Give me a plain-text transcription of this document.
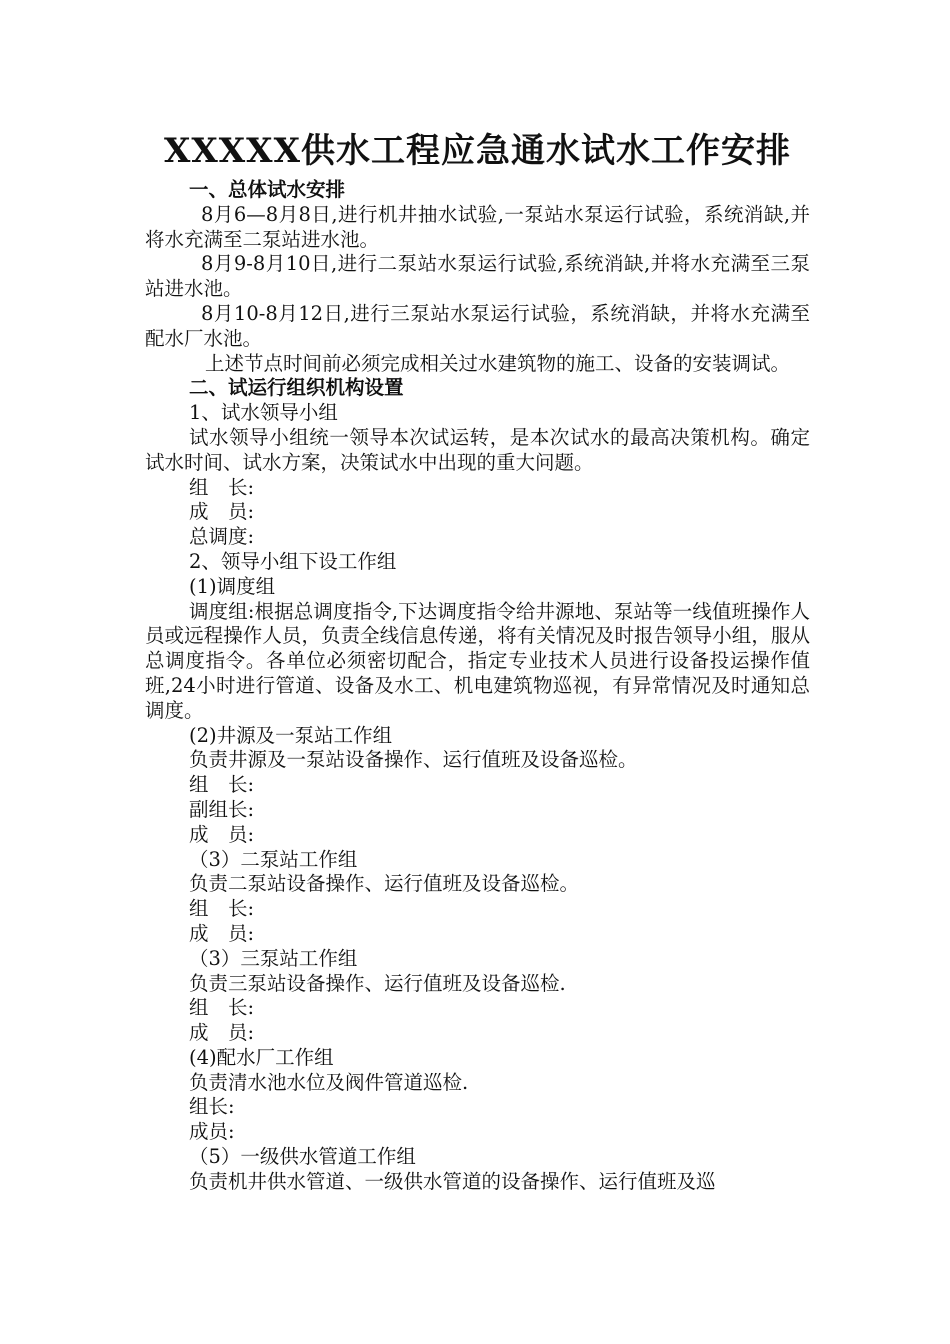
XXXXX供水工程应急通水试水工作安排

一、总体试水安排

8月6—8月8日,进行机井抽水试验,一泵站水泵运行试验，系统消缺,并将水充满至二泵站进水池。

8月9-8月10日,进行二泵站水泵运行试验,系统消缺,并将水充满至三泵站进水池。

8月10-8月12日,进行三泵站水泵运行试验，系统消缺，并将水充满至配水厂水池。

上述节点时间前必须完成相关过水建筑物的施工、设备的安装调试。

二、试运行组织机构设置

1、试水领导小组

试水领导小组统一领导本次试运转，是本次试水的最高决策机构。确定试水时间、试水方案，决策试水中出现的重大问题。

组　长:

成　员:

总调度:

2、领导小组下设工作组

(1)调度组

调度组:根据总调度指令,下达调度指令给井源地、泵站等一线值班操作人员或远程操作人员，负责全线信息传递，将有关情况及时报告领导小组，服从总调度指令。各单位必须密切配合，指定专业技术人员进行设备投运操作值班,24小时进行管道、设备及水工、机电建筑物巡视，有异常情况及时通知总调度。

(2)井源及一泵站工作组

负责井源及一泵站设备操作、运行值班及设备巡检。

组　长:

副组长:

成　员:

（3）二泵站工作组

负责二泵站设备操作、运行值班及设备巡检。

组　长:

成　员:

（3）三泵站工作组

负责三泵站设备操作、运行值班及设备巡检.

组　长:

成　员:

(4)配水厂工作组

负责清水池水位及阀件管道巡检.

组长:

成员:

（5）一级供水管道工作组

负责机井供水管道、一级供水管道的设备操作、运行值班及巡
